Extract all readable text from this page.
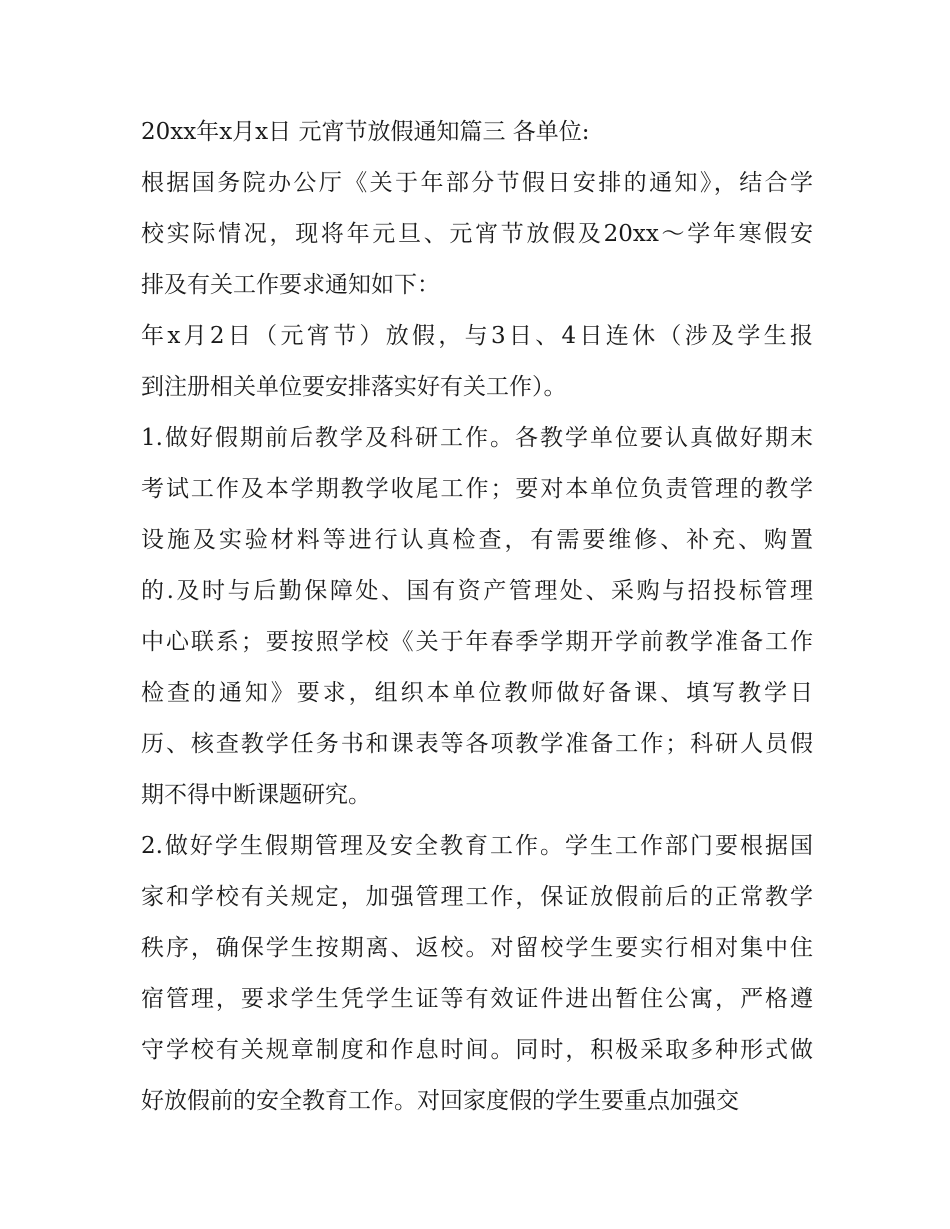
20xx年x月x日 元宵节放假通知篇三 各单位:
根据国务院办公厅《关于年部分节假日安排的通知》，结合学
校实际情况，现将年元旦、元宵节放假及20xx～学年寒假安
排及有关工作要求通知如下：
年x月2日（元宵节）放假，与3日、4日连休（涉及学生报
到注册相关单位要安排落实好有关工作）。
1.做好假期前后教学及科研工作。各教学单位要认真做好期末
考试工作及本学期教学收尾工作；要对本单位负责管理的教学
设施及实验材料等进行认真检查，有需要维修、补充、购置
的.及时与后勤保障处、国有资产管理处、采购与招投标管理
中心联系；要按照学校《关于年春季学期开学前教学准备工作
检查的通知》要求，组织本单位教师做好备课、填写教学日
历、核查教学任务书和课表等各项教学准备工作；科研人员假
期不得中断课题研究。
2.做好学生假期管理及安全教育工作。学生工作部门要根据国
家和学校有关规定，加强管理工作，保证放假前后的正常教学
秩序，确保学生按期离、返校。对留校学生要实行相对集中住
宿管理，要求学生凭学生证等有效证件进出暂住公寓，严格遵
守学校有关规章制度和作息时间。同时，积极采取多种形式做
好放假前的安全教育工作。对回家度假的学生要重点加强交
